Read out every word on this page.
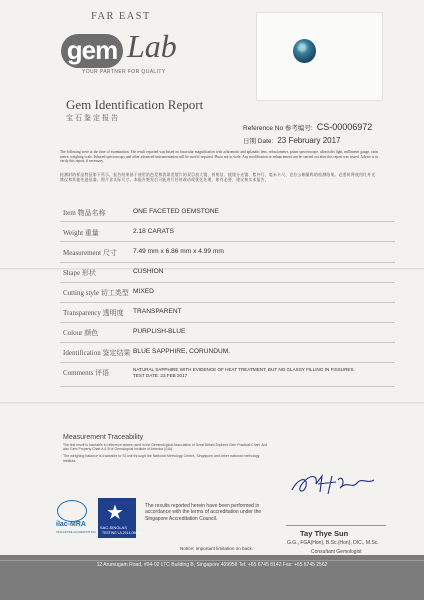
FAR EAST
gem Lab
YOUR PARTNER FOR QUALITY
Gem Identification Report
宝石鉴定报告
Reference No 参考编号: CS-00006972
日期 Date: 23 February 2017
The following were at the time of examination. The result reported was based on binocular magnification with achromatic and aplanatic lens, refractometer, prism spectroscope, ultraviolet light, millimeter gauge, carat metric weighing scale. Infrared spectroscopy and other advanced instrumentation will be used if required. Photo not to scale. Any modification or enhancement can be carried out after this report was issued. Advice is to verify this report, if necessary.
检测时的样品特征如下所示。报告结果基于使用消色差和消球差镜片的双目放大镜、折射仪、棱镜分光镜、紫外灯、毫米卡尺、克拉公制量称的检测结果。必要时将使用红外光谱仪和其他先进仪器。照片非实际尺寸。本报告签发后可能进行任何改动或优化处理，如有必要，建议核实本报告。
Item 物品名称	ONE FACETED GEMSTONE
Weight 重量	2.18 CARATS
Measurement 尺寸 7.49 mm x 6.86 mm x 4.99 mm
Shape 形状	CUSHION
Cutting style 切工类型 MIXED
Transparency 透明度 TRANSPARENT
Colour 颜色	PURPLISH-BLUE
Identification 鉴定结果 BLUE SAPPHIRE, CORUNDUM.
Comments 评语	NATURAL SAPPHIRE WITH EVIDENCE OF HEAT TREATMENT, BUT NO GLASSY FILLING IN FISSURES. TEST DATE: 23 FEB 2017
Measurement Traceability
The test result is traceable to reference stones used in the Gemmological Association of Great Britain Diploma Gem Practical Chart. And also Gem Property Chart A & B of Gemological Institute of America (GIA).
The weighing balance is traceable to SI unit through the National Metrology Centre, Singapore and other national metrology institute.
Tay Thye Sun
G.G., FGA(Hon), B.Sc.(Hon), DIC., M.Sc.
Consultant Gemologist
ilac-MRA
SINGAPORE ACCREDITATION
★
SAC-SINGLAS
TESTING LA-2014-0502-C
The results reported herein have been performed in accordance with the terms of accreditation under the Singapore Accreditation Council.
Notice: Important limitation on back.
12 Arumugam Road, #04-02 LTC Building B, Singapore 409958 Tel: +65 6745 8142 Fax: +65 6745 2562
